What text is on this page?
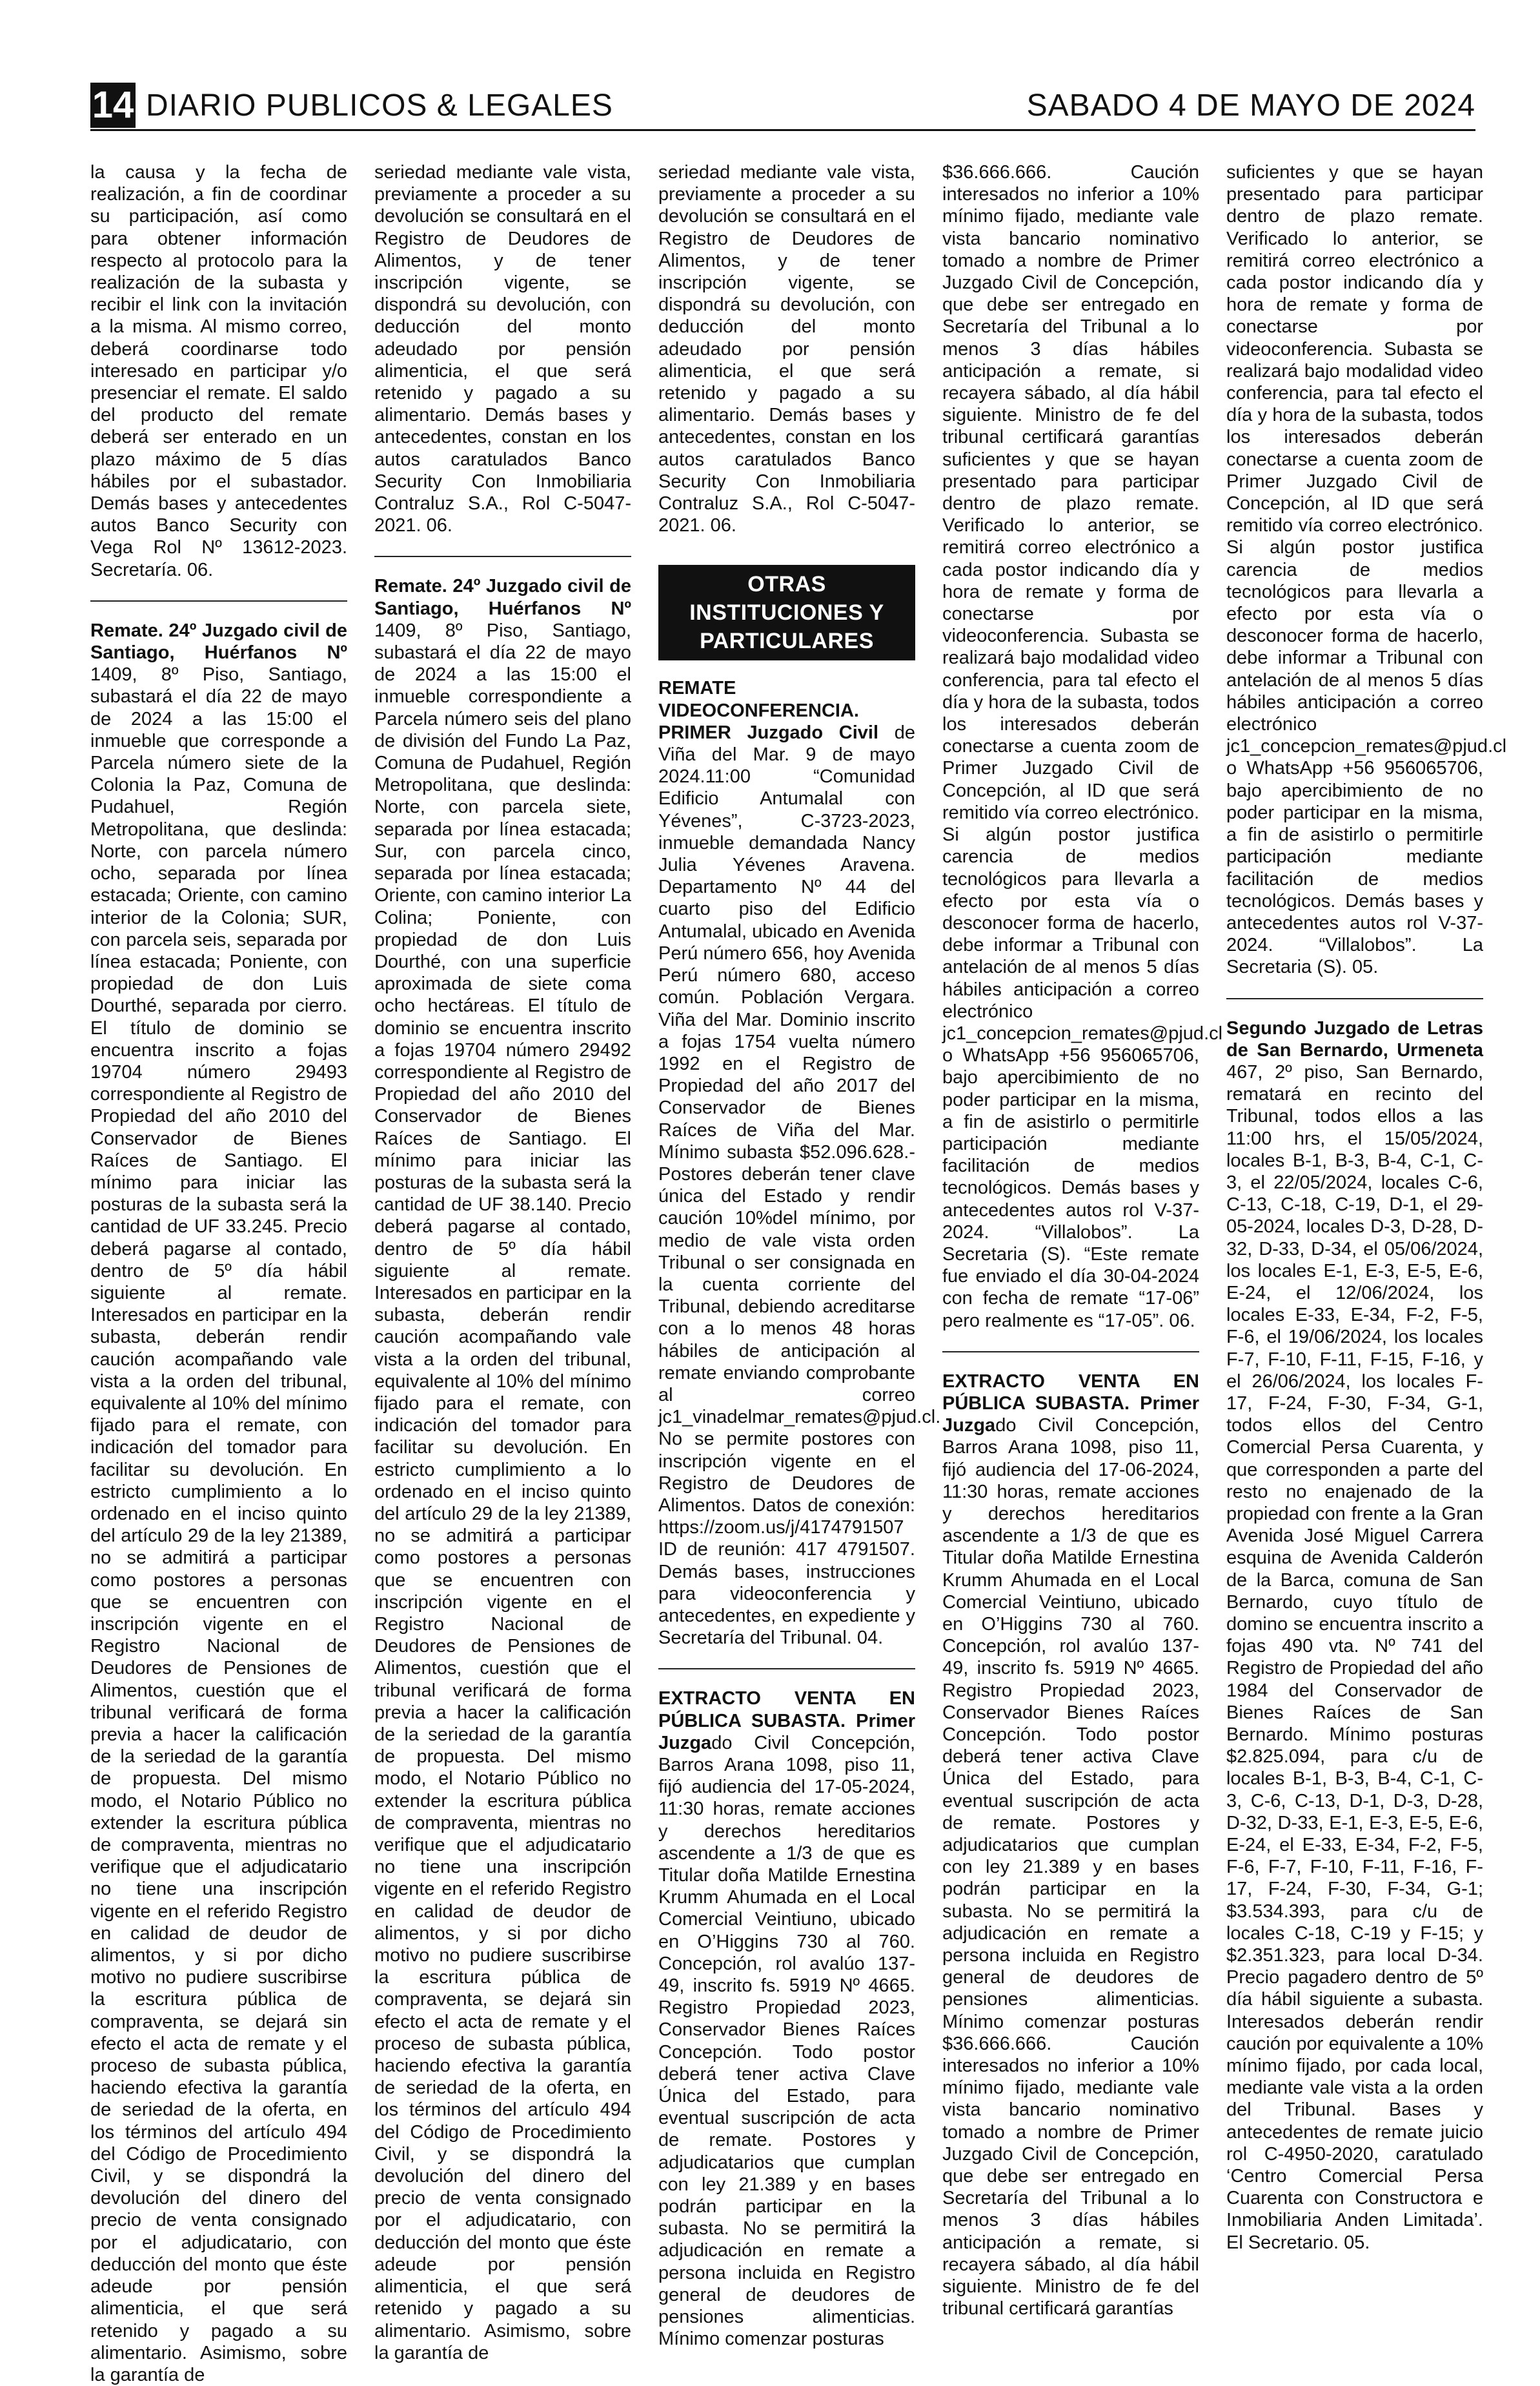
14 DIARIO PUBLICOS & LEGALES	SABADO 4 DE MAYO DE 2024

la causa y la fecha de realización, a fin de coordinar su participación, así como para obtener información respecto al protocolo para la realización de la subasta y recibir el link con la invitación a la misma. Al mismo correo, deberá coordinarse todo interesado en participar y/o presenciar el remate. El saldo del producto del remate deberá ser enterado en un plazo máximo de 5 días hábiles por el subastador. Demás bases y antecedentes autos Banco Security con Vega Rol Nº 13612-2023. Secretaría. 06.

Remate. 24º Juzgado civil de Santiago, Huérfanos Nº 1409, 8º Piso, Santiago, subastará el día 22 de mayo de 2024 a las 15:00 el inmueble que corresponde a Parcela número siete de la Colonia la Paz, Comuna de Pudahuel, Región Metropolitana, que deslinda: Norte, con parcela número ocho, separada por línea estacada; Oriente, con camino interior de la Colonia; SUR, con parcela seis, separada por línea estacada; Poniente, con propiedad de don Luis Dourthé, separada por cierro. El título de dominio se encuentra inscrito a fojas 19704 número 29493 correspondiente al Registro de Propiedad del año 2010 del Conservador de Bienes Raíces de Santiago. El mínimo para iniciar las posturas de la subasta será la cantidad de UF 33.245. Precio deberá pagarse al contado, dentro de 5º día hábil siguiente al remate. Interesados en participar en la subasta, deberán rendir caución acompañando vale vista a la orden del tribunal, equivalente al 10% del mínimo fijado para el remate, con indicación del tomador para facilitar su devolución. En estricto cumplimiento a lo ordenado en el inciso quinto del artículo 29 de la ley 21389, no se admitirá a participar como postores a personas que se encuentren con inscripción vigente en el Registro Nacional de Deudores de Pensiones de Alimentos, cuestión que el tribunal verificará de forma previa a hacer la calificación de la seriedad de la garantía de propuesta. Del mismo modo, el Notario Público no extender la escritura pública de compraventa, mientras no verifique que el adjudicatario no tiene una inscripción vigente en el referido Registro en calidad de deudor de alimentos, y si por dicho motivo no pudiere suscribirse la escritura pública de compraventa, se dejará sin efecto el acta de remate y el proceso de subasta pública, haciendo efectiva la garantía de seriedad de la oferta, en los términos del artículo 494 del Código de Procedimiento Civil, y se dispondrá la devolución del dinero del precio de venta consignado por el adjudicatario, con deducción del monto que éste adeude por pensión alimenticia, el que será retenido y pagado a su alimentario. Asimismo, sobre la garantía de

seriedad mediante vale vista, previamente a proceder a su devolución se consultará en el Registro de Deudores de Alimentos, y de tener inscripción vigente, se dispondrá su devolución, con deducción del monto adeudado por pensión alimenticia, el que será retenido y pagado a su alimentario. Demás bases y antecedentes, constan en los autos caratulados Banco Security Con Inmobiliaria Contraluz S.A., Rol C-5047-2021. 06.

Remate. 24º Juzgado civil de Santiago, Huérfanos Nº 1409, 8º Piso, Santiago, subastará el día 22 de mayo de 2024 a las 15:00 el inmueble correspondiente a Parcela número seis del plano de división del Fundo La Paz, Comuna de Pudahuel, Región Metropolitana, que deslinda: Norte, con parcela siete, separada por línea estacada; Sur, con parcela cinco, separada por línea estacada; Oriente, con camino interior La Colina; Poniente, con propiedad de don Luis Dourthé, con una superficie aproximada de siete coma ocho hectáreas. El título de dominio se encuentra inscrito a fojas 19704 número 29492 correspondiente al Registro de Propiedad del año 2010 del Conservador de Bienes Raíces de Santiago. El mínimo para iniciar las posturas de la subasta será la cantidad de UF 38.140. Precio deberá pagarse al contado, dentro de 5º día hábil siguiente al remate. Interesados en participar en la subasta, deberán rendir caución acompañando vale vista a la orden del tribunal, equivalente al 10% del mínimo fijado para el remate, con indicación del tomador para facilitar su devolución. En estricto cumplimiento a lo ordenado en el inciso quinto del artículo 29 de la ley 21389, no se admitirá a participar como postores a personas que se encuentren con inscripción vigente en el Registro Nacional de Deudores de Pensiones de Alimentos, cuestión que el tribunal verificará de forma previa a hacer la calificación de la seriedad de la garantía de propuesta. Del mismo modo, el Notario Público no extender la escritura pública de compraventa, mientras no verifique que el adjudicatario no tiene una inscripción vigente en el referido Registro en calidad de deudor de alimentos, y si por dicho motivo no pudiere suscribirse la escritura pública de compraventa, se dejará sin efecto el acta de remate y el proceso de subasta pública, haciendo efectiva la garantía de seriedad de la oferta, en los términos del artículo 494 del Código de Procedimiento Civil, y se dispondrá la devolución del dinero del precio de venta consignado por el adjudicatario, con deducción del monto que éste adeude por pensión alimenticia, el que será retenido y pagado a su alimentario. Asimismo, sobre la garantía de

seriedad mediante vale vista, previamente a proceder a su devolución se consultará en el Registro de Deudores de Alimentos, y de tener inscripción vigente, se dispondrá su devolución, con deducción del monto adeudado por pensión alimenticia, el que será retenido y pagado a su alimentario. Demás bases y antecedentes, constan en los autos caratulados Banco Security Con Inmobiliaria Contraluz S.A., Rol C-5047-2021. 06.

OTRAS INSTITUCIONES Y PARTICULARES

REMATE VIDEOCONFERENCIA. PRIMER Juzgado Civil de Viña del Mar. 9 de mayo 2024.11:00 “Comunidad Edificio Antumalal con Yévenes”, C-3723-2023, inmueble demandada Nancy Julia Yévenes Aravena. Departamento Nº 44 del cuarto piso del Edificio Antumalal, ubicado en Avenida Perú número 656, hoy Avenida Perú número 680, acceso común. Población Vergara. Viña del Mar. Dominio inscrito a fojas 1754 vuelta número 1992 en el Registro de Propiedad del año 2017 del Conservador de Bienes Raíces de Viña del Mar. Mínimo subasta $52.096.628.-Postores deberán tener clave única del Estado y rendir caución 10%del mínimo, por medio de vale vista orden Tribunal o ser consignada en la cuenta corriente del Tribunal, debiendo acreditarse con a lo menos 48 horas hábiles de anticipación al remate enviando comprobante al correo jc1_vinadelmar_remates@pjud.cl. No se permite postores con inscripción vigente en el Registro de Deudores de Alimentos. Datos de conexión: https://zoom.us/j/4174791507 ID de reunión: 417 4791507. Demás bases, instrucciones para videoconferencia y antecedentes, en expediente y Secretaría del Tribunal. 04.

EXTRACTO VENTA EN PÚBLICA SUBASTA. Primer Juzgado Civil Concepción, Barros Arana 1098, piso 11, fijó audiencia del 17-05-2024, 11:30 horas, remate acciones y derechos hereditarios ascendente a 1/3 de que es Titular doña Matilde Ernestina Krumm Ahumada en el Local Comercial Veintiuno, ubicado en O’Higgins 730 al 760. Concepción, rol avalúo 137-49, inscrito fs. 5919 Nº 4665. Registro Propiedad 2023, Conservador Bienes Raíces Concepción. Todo postor deberá tener activa Clave Única del Estado, para eventual suscripción de acta de remate. Postores y adjudicatarios que cumplan con ley 21.389 y en bases podrán participar en la subasta. No se permitirá la adjudicación en remate a persona incluida en Registro general de deudores de pensiones alimenticias. Mínimo comenzar posturas

$36.666.666. Caución interesados no inferior a 10% mínimo fijado, mediante vale vista bancario nominativo tomado a nombre de Primer Juzgado Civil de Concepción, que debe ser entregado en Secretaría del Tribunal a lo menos 3 días hábiles anticipación a remate, si recayera sábado, al día hábil siguiente. Ministro de fe del tribunal certificará garantías suficientes y que se hayan presentado para participar dentro de plazo remate. Verificado lo anterior, se remitirá correo electrónico a cada postor indicando día y hora de remate y forma de conectarse por videoconferencia. Subasta se realizará bajo modalidad video conferencia, para tal efecto el día y hora de la subasta, todos los interesados deberán conectarse a cuenta zoom de Primer Juzgado Civil de Concepción, al ID que será remitido vía correo electrónico. Si algún postor justifica carencia de medios tecnológicos para llevarla a efecto por esta vía o desconocer forma de hacerlo, debe informar a Tribunal con antelación de al menos 5 días hábiles anticipación a correo electrónico jc1_concepcion_remates@pjud.cl o WhatsApp +56 956065706, bajo apercibimiento de no poder participar en la misma, a fin de asistirlo o permitirle participación mediante facilitación de medios tecnológicos. Demás bases y antecedentes autos rol V-37-2024. “Villalobos”. La Secretaria (S). “Este remate fue enviado el día 30-04-2024 con fecha de remate “17-06” pero realmente es “17-05”. 06.

EXTRACTO VENTA EN PÚBLICA SUBASTA. Primer Juzgado Civil Concepción, Barros Arana 1098, piso 11, fijó audiencia del 17-06-2024, 11:30 horas, remate acciones y derechos hereditarios ascendente a 1/3 de que es Titular doña Matilde Ernestina Krumm Ahumada en el Local Comercial Veintiuno, ubicado en O’Higgins 730 al 760. Concepción, rol avalúo 137-49, inscrito fs. 5919 Nº 4665. Registro Propiedad 2023, Conservador Bienes Raíces Concepción. Todo postor deberá tener activa Clave Única del Estado, para eventual suscripción de acta de remate. Postores y adjudicatarios que cumplan con ley 21.389 y en bases podrán participar en la subasta. No se permitirá la adjudicación en remate a persona incluida en Registro general de deudores de pensiones alimenticias. Mínimo comenzar posturas $36.666.666. Caución interesados no inferior a 10% mínimo fijado, mediante vale vista bancario nominativo tomado a nombre de Primer Juzgado Civil de Concepción, que debe ser entregado en Secretaría del Tribunal a lo menos 3 días hábiles anticipación a remate, si recayera sábado, al día hábil siguiente. Ministro de fe del tribunal certificará garantías

suficientes y que se hayan presentado para participar dentro de plazo remate. Verificado lo anterior, se remitirá correo electrónico a cada postor indicando día y hora de remate y forma de conectarse por videoconferencia. Subasta se realizará bajo modalidad video conferencia, para tal efecto el día y hora de la subasta, todos los interesados deberán conectarse a cuenta zoom de Primer Juzgado Civil de Concepción, al ID que será remitido vía correo electrónico. Si algún postor justifica carencia de medios tecnológicos para llevarla a efecto por esta vía o desconocer forma de hacerlo, debe informar a Tribunal con antelación de al menos 5 días hábiles anticipación a correo electrónico jc1_concepcion_remates@pjud.cl o WhatsApp +56 956065706, bajo apercibimiento de no poder participar en la misma, a fin de asistirlo o permitirle participación mediante facilitación de medios tecnológicos. Demás bases y antecedentes autos rol V-37-2024. “Villalobos”. La Secretaria (S). 05.

Segundo Juzgado de Letras de San Bernardo, Urmeneta 467, 2º piso, San Bernardo, rematará en recinto del Tribunal, todos ellos a las 11:00 hrs, el 15/05/2024, locales B-1, B-3, B-4, C-1, C-3, el 22/05/2024, locales C-6, C-13, C-18, C-19, D-1, el 29-05-2024, locales D-3, D-28, D-32, D-33, D-34, el 05/06/2024, los locales E-1, E-3, E-5, E-6, E-24, el 12/06/2024, los locales E-33, E-34, F-2, F-5, F-6, el 19/06/2024, los locales F-7, F-10, F-11, F-15, F-16, y el 26/06/2024, los locales F-17, F-24, F-30, F-34, G-1, todos ellos del Centro Comercial Persa Cuarenta, y que corresponden a parte del resto no enajenado de la propiedad con frente a la Gran Avenida José Miguel Carrera esquina de Avenida Calderón de la Barca, comuna de San Bernardo, cuyo título de domino se encuentra inscrito a fojas 490 vta. Nº 741 del Registro de Propiedad del año 1984 del Conservador de Bienes Raíces de San Bernardo. Mínimo posturas $2.825.094, para c/u de locales B-1, B-3, B-4, C-1, C-3, C-6, C-13, D-1, D-3, D-28, D-32, D-33, E-1, E-3, E-5, E-6, E-24, el E-33, E-34, F-2, F-5, F-6, F-7, F-10, F-11, F-16, F-17, F-24, F-30, F-34, G-1; $3.534.393, para c/u de locales C-18, C-19 y F-15; y $2.351.323, para local D-34. Precio pagadero dentro de 5º día hábil siguiente a subasta. Interesados deberán rendir caución por equivalente a 10% mínimo fijado, por cada local, mediante vale vista a la orden del Tribunal. Bases y antecedentes de remate juicio rol C-4950-2020, caratulado ‘Centro Comercial Persa Cuarenta con Constructora e Inmobiliaria Anden Limitada’. El Secretario. 05.
